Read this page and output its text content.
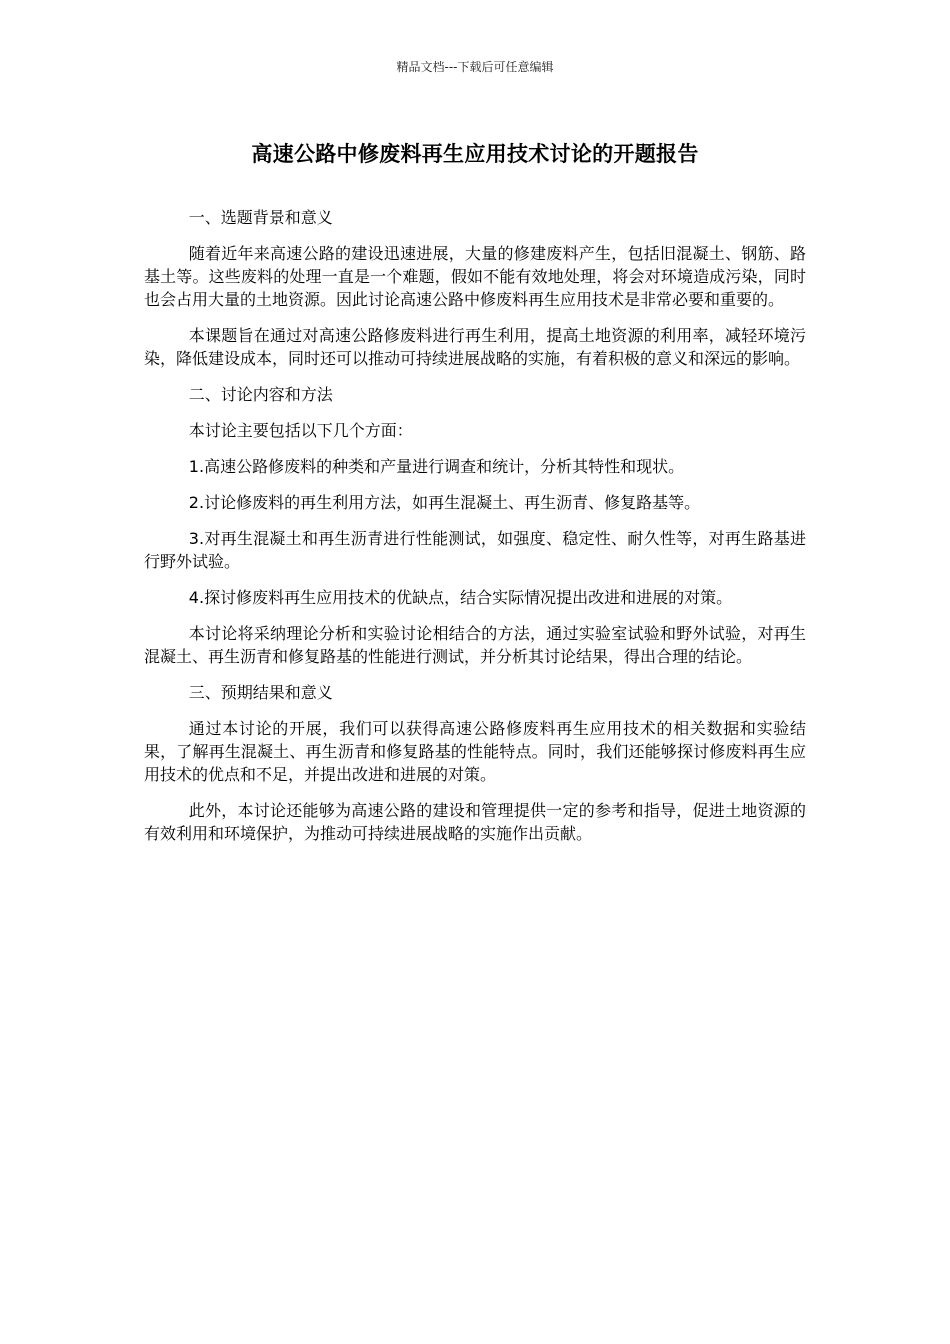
精品文档---下载后可任意编辑
高速公路中修废料再生应用技术讨论的开题报告

一、选题背景和意义

随着近年来高速公路的建设迅速进展，大量的修建废料产生，包括旧混凝土、钢筋、路基土等。这些废料的处理一直是一个难题，假如不能有效地处理，将会对环境造成污染，同时也会占用大量的土地资源。因此讨论高速公路中修废料再生应用技术是非常必要和重要的。

本课题旨在通过对高速公路修废料进行再生利用，提高土地资源的利用率，减轻环境污染，降低建设成本，同时还可以推动可持续进展战略的实施，有着积极的意义和深远的影响。

二、讨论内容和方法

本讨论主要包括以下几个方面：

1.高速公路修废料的种类和产量进行调查和统计，分析其特性和现状。

2.讨论修废料的再生利用方法，如再生混凝土、再生沥青、修复路基等。

3.对再生混凝土和再生沥青进行性能测试，如强度、稳定性、耐久性等，对再生路基进行野外试验。

4.探讨修废料再生应用技术的优缺点，结合实际情况提出改进和进展的对策。

本讨论将采纳理论分析和实验讨论相结合的方法，通过实验室试验和野外试验，对再生混凝土、再生沥青和修复路基的性能进行测试，并分析其讨论结果，得出合理的结论。

三、预期结果和意义

通过本讨论的开展，我们可以获得高速公路修废料再生应用技术的相关数据和实验结果，了解再生混凝土、再生沥青和修复路基的性能特点。同时，我们还能够探讨修废料再生应用技术的优点和不足，并提出改进和进展的对策。

此外，本讨论还能够为高速公路的建设和管理提供一定的参考和指导，促进土地资源的有效利用和环境保护，为推动可持续进展战略的实施作出贡献。
